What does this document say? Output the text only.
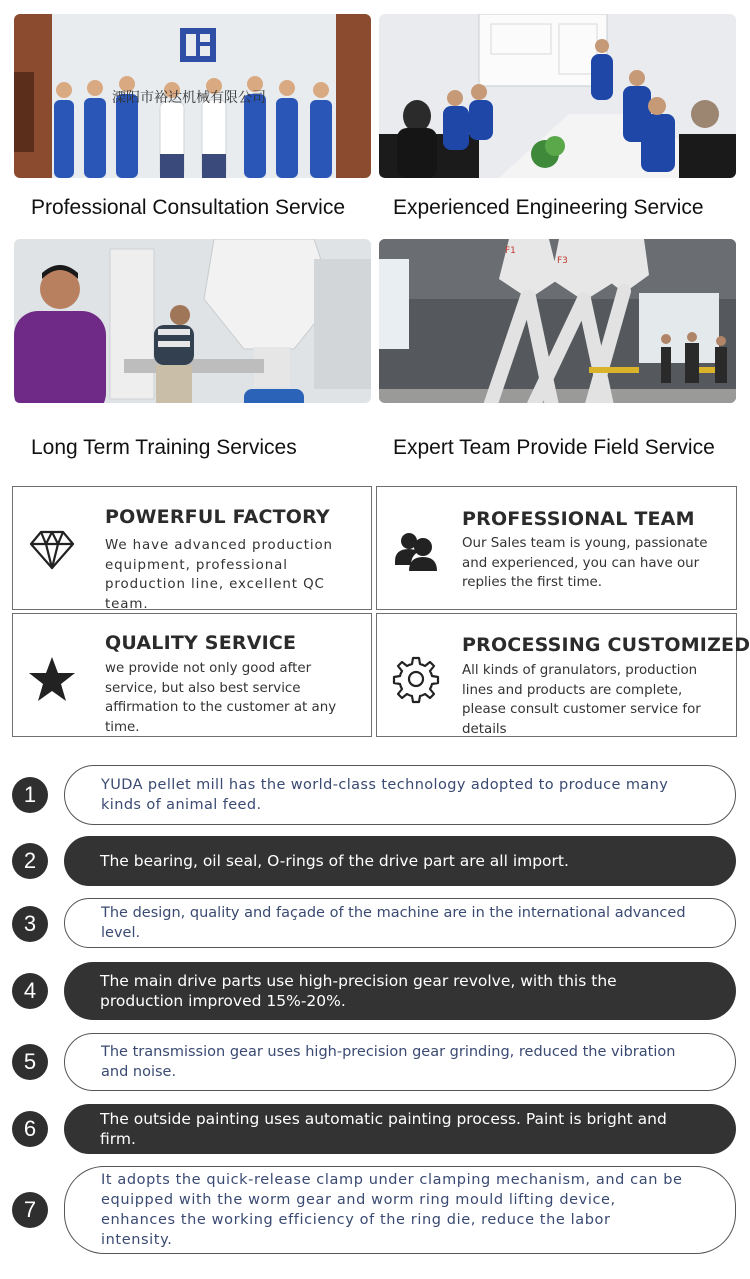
溧阳市裕达机械有限公司
Professional Consultation Service Experienced Engineering Service
Long Term Training Services
F1
F3
Expert Team Provide Field Service
POWERFUL FACTORY
We have advanced production equipment, professional production line, excellent QC team.
PROFESSIONAL TEAM
Our Sales team is young, passionate and experienced, you can have our replies the first time.
QUALITY SERVICE
we provide not only good after service, but also best service affirmation to the customer at any time.
PROCESSING CUSTOMIZED
All kinds of granulators, production lines and products are complete, please consult customer service for details
1	YUDA pellet mill has the world-class technology adopted to produce many kinds of animal feed.
2	The bearing, oil seal, O-rings of the drive part are all import.
3	The design, quality and façade of the machine are in the international advanced level.
4	The main drive parts use high-precision gear revolve, with this the production improved 15%-20%.
5	The transmission gear uses high-precision gear grinding, reduced the vibration and noise.
6	The outside painting uses automatic painting process. Paint is bright and firm.
7
It adopts the quick-release clamp under clamping mechanism, and can be equipped with the worm gear and worm ring mould lifting device, enhances the working efficiency of the ring die, reduce the labor intensity.
